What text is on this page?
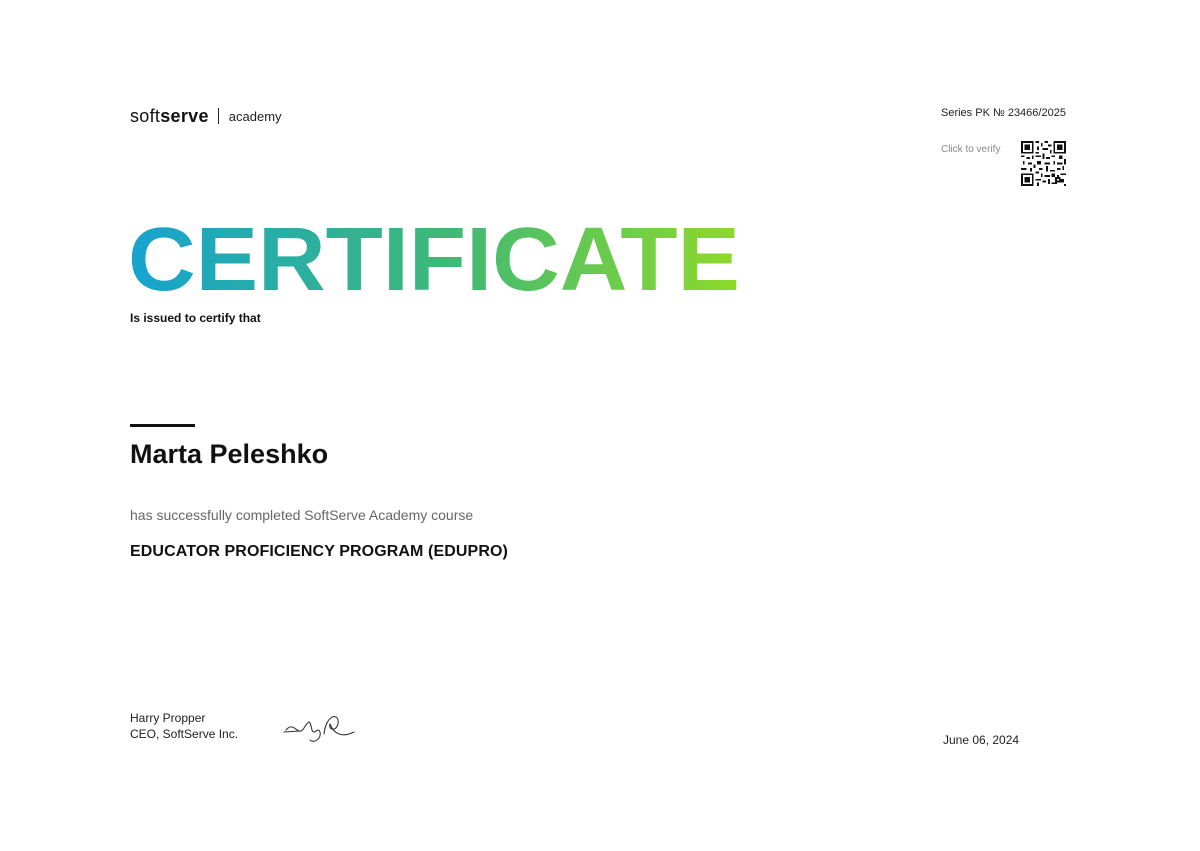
softserve academy	Series PK № 23466/2025
Click to verify
CERTIFICATE
Is issued to certify that
Marta Peleshko
has successfully completed SoftServe Academy course
EDUCATOR PROFICIENCY PROGRAM (EDUPRO)
Harry Propper
CEO, SoftServe Inc.	June 06, 2024
